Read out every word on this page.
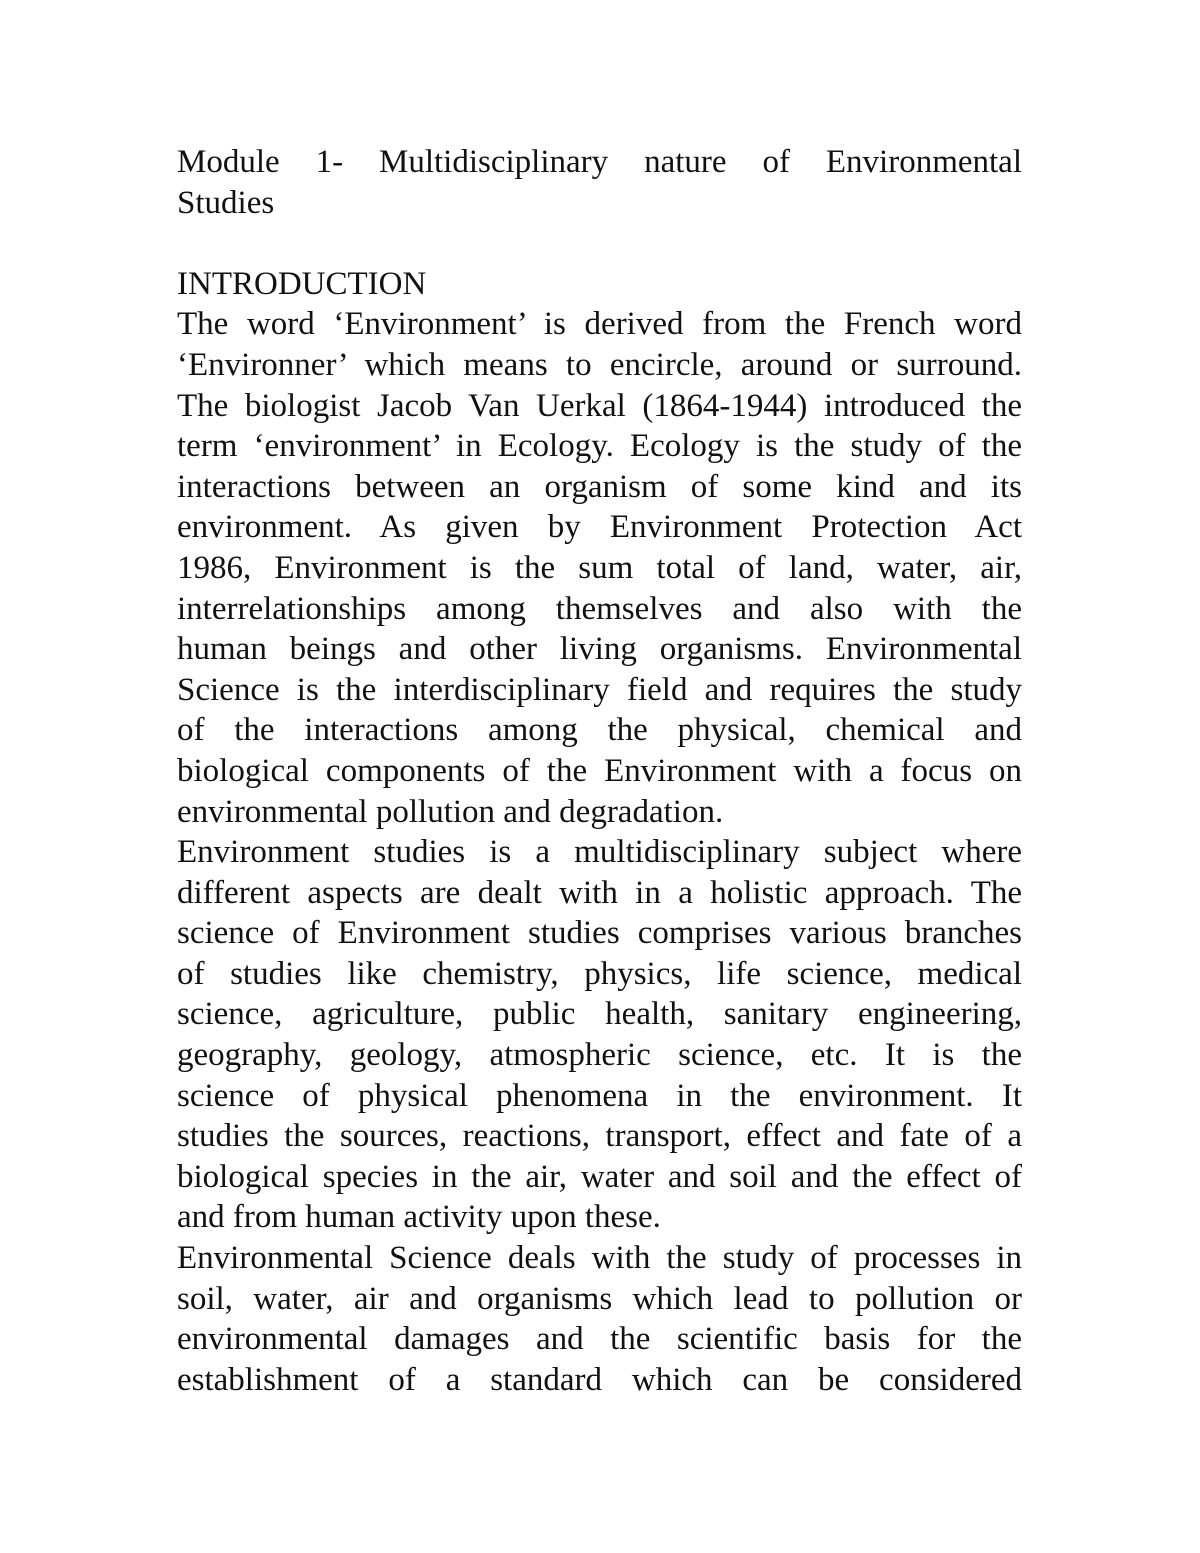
Module 1- Multidisciplinary nature of Environmental
Studies

INTRODUCTION

The word ‘Environment’ is derived from the French word
‘Environner’ which means to encircle, around or surround.
The biologist Jacob Van Uerkal (1864-1944) introduced the
term ‘environment’ in Ecology. Ecology is the study of the
interactions between an organism of some kind and its
environment. As given by Environment Protection Act
1986, Environment is the sum total of land, water, air,
interrelationships among themselves and also with the
human beings and other living organisms. Environmental
Science is the interdisciplinary field and requires the study
of the interactions among the physical, chemical and
biological components of the Environment with a focus on
environmental pollution and degradation.

Environment studies is a multidisciplinary subject where
different aspects are dealt with in a holistic approach. The
science of Environment studies comprises various branches
of studies like chemistry, physics, life science, medical
science, agriculture, public health, sanitary engineering,
geography, geology, atmospheric science, etc. It is the
science of physical phenomena in the environment. It
studies the sources, reactions, transport, effect and fate of a
biological species in the air, water and soil and the effect of
and from human activity upon these.

Environmental Science deals with the study of processes in
soil, water, air and organisms which lead to pollution or
environmental damages and the scientific basis for the
establishment of a standard which can be considered
